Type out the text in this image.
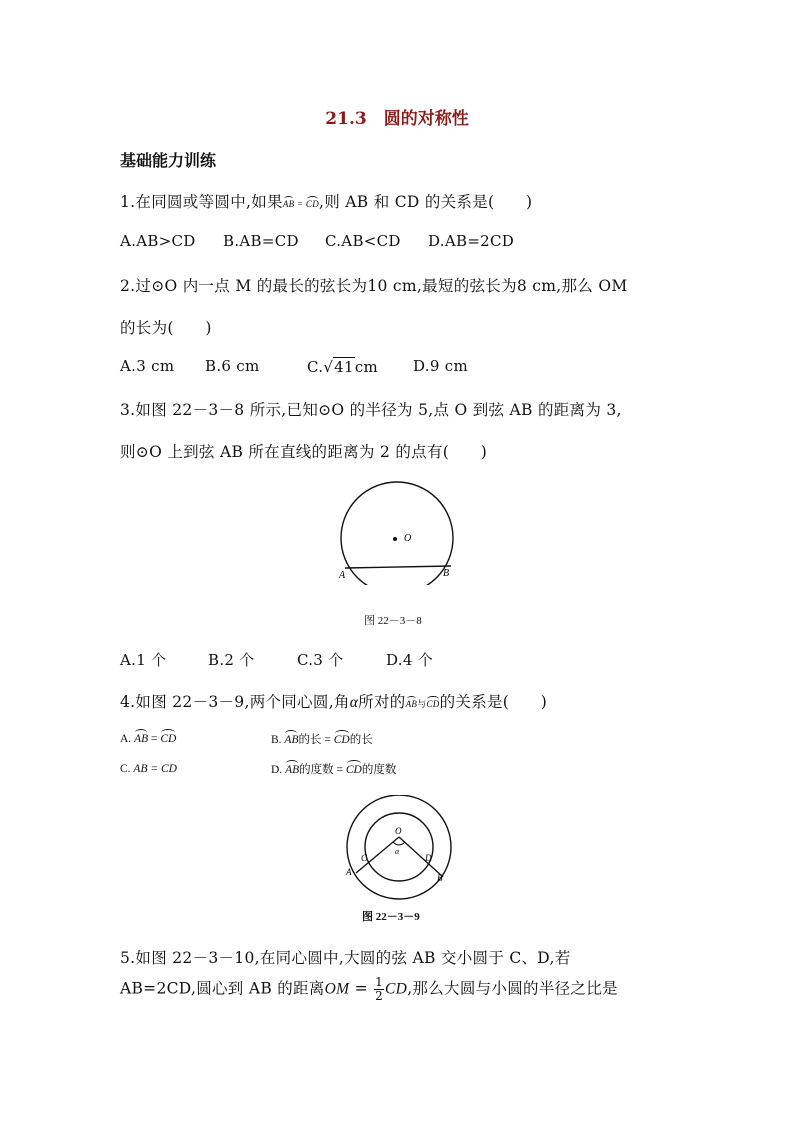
21.3　圆的对称性
基础能力训练
1.在同圆或等圆中,如果AB = CD,则 AB 和 CD 的关系是(　　)
A.AB>CD B.AB=CD C.AB<CD D.AB=2CD
2.过⊙O 内一点 M 的最长的弦长为10 cm,最短的弦长为8 cm,那么 OM
的长为(　　)
A.3 cm B.6 cm	C.√41cm D.9 cm
3.如图 22－3－8 所示,已知⊙O 的半径为 5,点 O 到弦 AB 的距离为 3,
则⊙O 上到弦 AB 所在直线的距离为 2 的点有(　　)
O
A	B
图 22－3－8
A.1 个	B.2 个	C.3 个	D.4 个
4.如图 22－3－9,两个同心圆,角α所对的AB与CD的关系是(　　)
A. AB = CD	B. AB的长 = CD的长
C. AB = CD	D. AB的度数 = CD的度数
O
α
C	D
A
B
图 22－3－9
5.如图 22－3－10,在同心圆中,大圆的弦 AB 交小圆于 C、D,若
AB=2CD,圆心到 AB 的距离OM = $\frac{1}{2}$ CD,那么大圆与小圆的半径之比是
